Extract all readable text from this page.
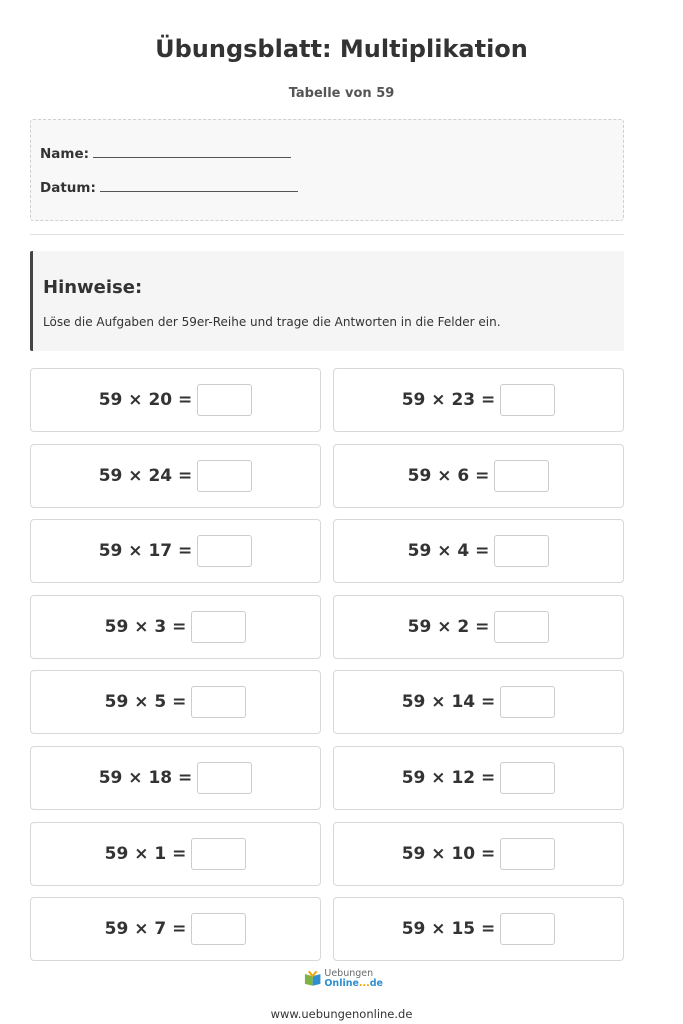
Übungsblatt: Multiplikation
Tabelle von 59
Name:
Datum:
Hinweise:
Löse die Aufgaben der 59er-Reihe und trage die Antworten in die Felder ein.
59 × 20 =	59 × 23 =
59 × 24 =	59 × 6 =
59 × 17 =	59 × 4 =
59 × 3 =	59 × 2 =
59 × 5 =	59 × 14 =
59 × 18 =	59 × 12 =
59 × 1 =	59 × 10 =
59 × 7 =	59 × 15 =
Uebungen
Online...de
www.uebungenonline.de
